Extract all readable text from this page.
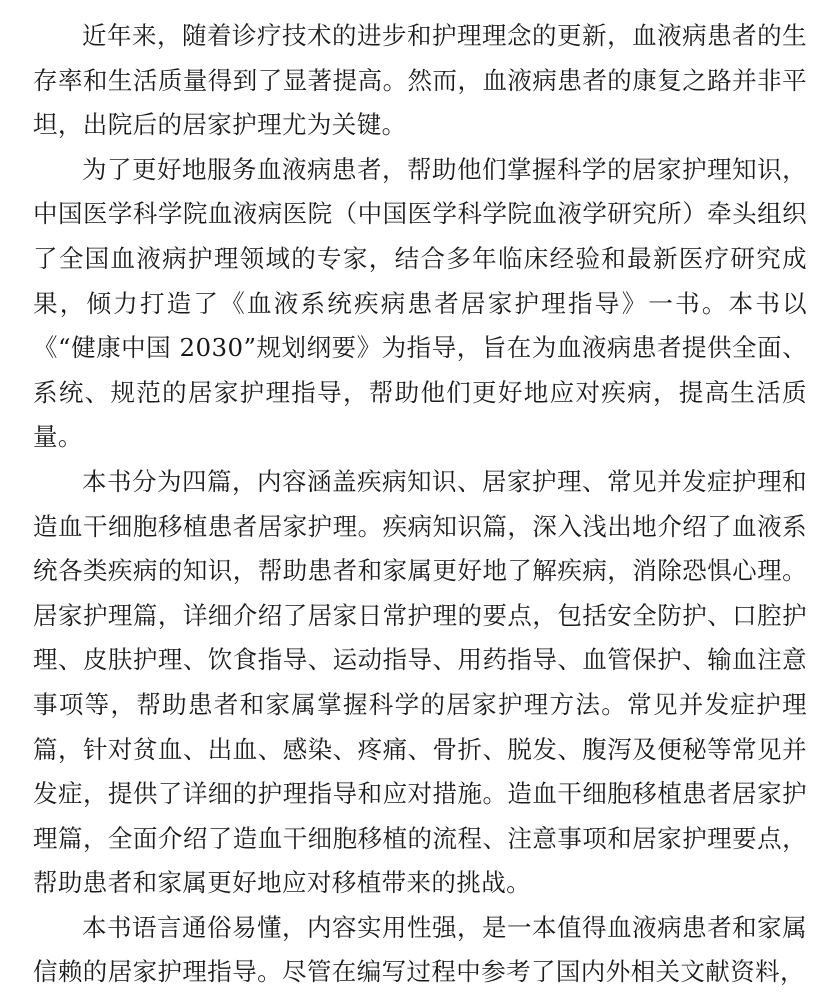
近年来，随着诊疗技术的进步和护理理念的更新，血液病患者的生存率和生活质量得到了显著提高。然而，血液病患者的康复之路并非平坦，出院后的居家护理尤为关键。

为了更好地服务血液病患者，帮助他们掌握科学的居家护理知识，中国医学科学院血液病医院（中国医学科学院血液学研究所）牵头组织了全国血液病护理领域的专家，结合多年临床经验和最新医疗研究成果，倾力打造了《血液系统疾病患者居家护理指导》一书。本书以《“健康中国 2030”规划纲要》为指导，旨在为血液病患者提供全面、系统、规范的居家护理指导，帮助他们更好地应对疾病，提高生活质量。

本书分为四篇，内容涵盖疾病知识、居家护理、常见并发症护理和造血干细胞移植患者居家护理。疾病知识篇，深入浅出地介绍了血液系统各类疾病的知识，帮助患者和家属更好地了解疾病，消除恐惧心理。居家护理篇，详细介绍了居家日常护理的要点，包括安全防护、口腔护理、皮肤护理、饮食指导、运动指导、用药指导、血管保护、输血注意事项等，帮助患者和家属掌握科学的居家护理方法。常见并发症护理篇，针对贫血、出血、感染、疼痛、骨折、脱发、腹泻及便秘等常见并发症，提供了详细的护理指导和应对措施。造血干细胞移植患者居家护理篇，全面介绍了造血干细胞移植的流程、注意事项和居家护理要点，帮助患者和家属更好地应对移植带来的挑战。

本书语言通俗易懂，内容实用性强，是一本值得血液病患者和家属信赖的居家护理指导。尽管在编写过程中参考了国内外相关文献资料，
